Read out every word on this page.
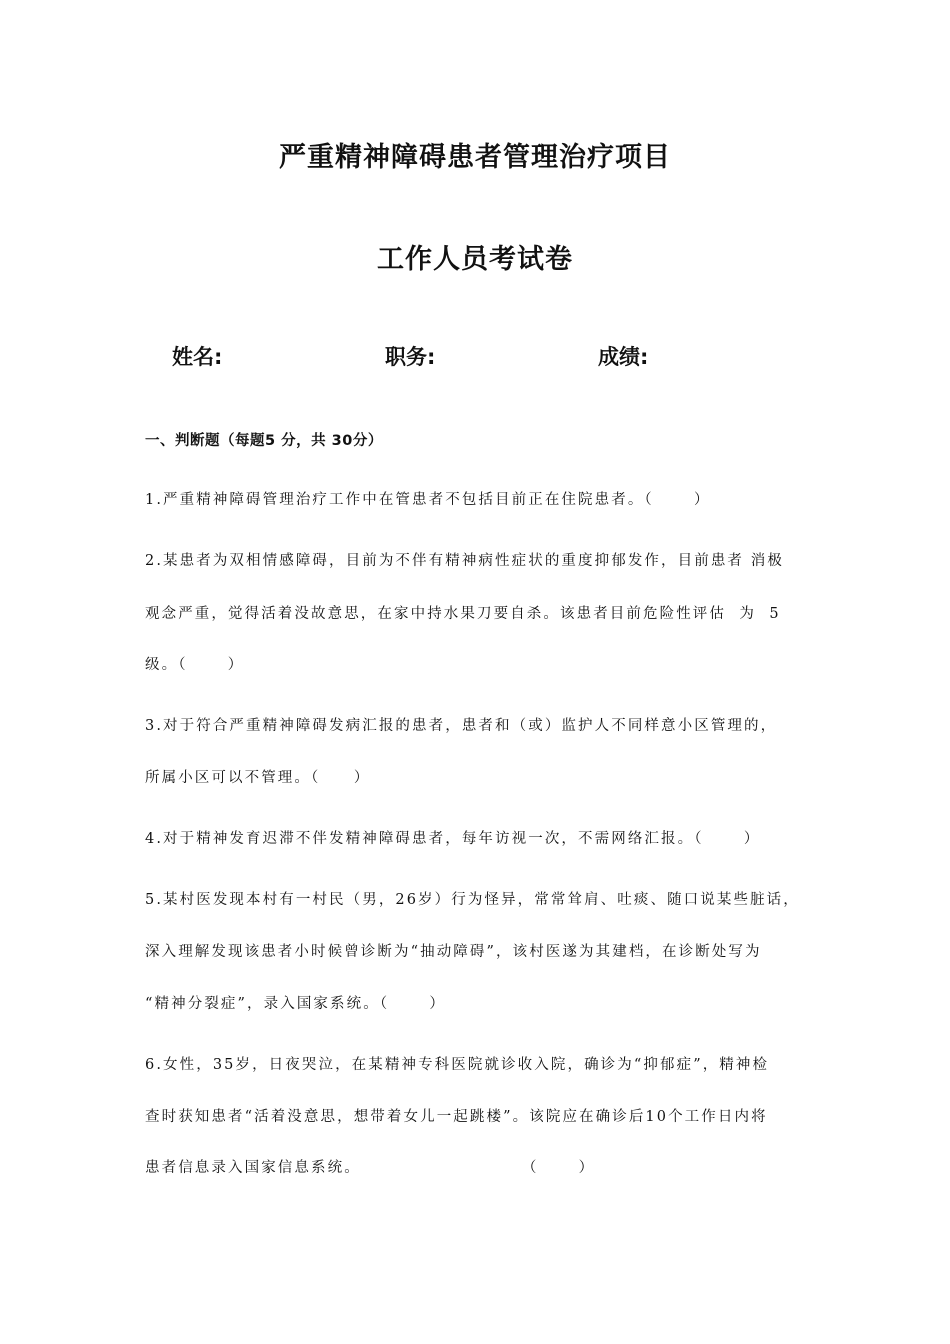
严重精神障碍患者管理治疗项目
工作人员考试卷
姓名:	职务:	成绩:
一、判断题（每题5 分，共 30分）
1.严重精神障碍管理治疗工作中在管患者不包括目前正在住院患者。（      ）
2.某患者为双相情感障碍，目前为不伴有精神病性症状的重度抑郁发作，目前患者 消极
观念严重，觉得活着没故意思，在家中持水果刀要自杀。该患者目前危险性评估  为  5
级。（      ）
3.对于符合严重精神障碍发病汇报的患者，患者和（或）监护人不同样意小区管理的，
所属小区可以不管理。（     ）
4.对于精神发育迟滞不伴发精神障碍患者，每年访视一次，不需网络汇报。（      ）
5.某村医发现本村有一村民（男，26岁）行为怪异，常常耸肩、吐痰、随口说某些脏话，
深入理解发现该患者小时候曾诊断为“抽动障碍”，该村医遂为其建档，在诊断处写为
“精神分裂症”，录入国家系统。（      ）
6.女性，35岁，日夜哭泣，在某精神专科医院就诊收入院，确诊为“抑郁症”，精神检
查时获知患者“活着没意思，想带着女儿一起跳楼”。该院应在确诊后10个工作日内将
患者信息录入国家信息系统。                        （      ）
